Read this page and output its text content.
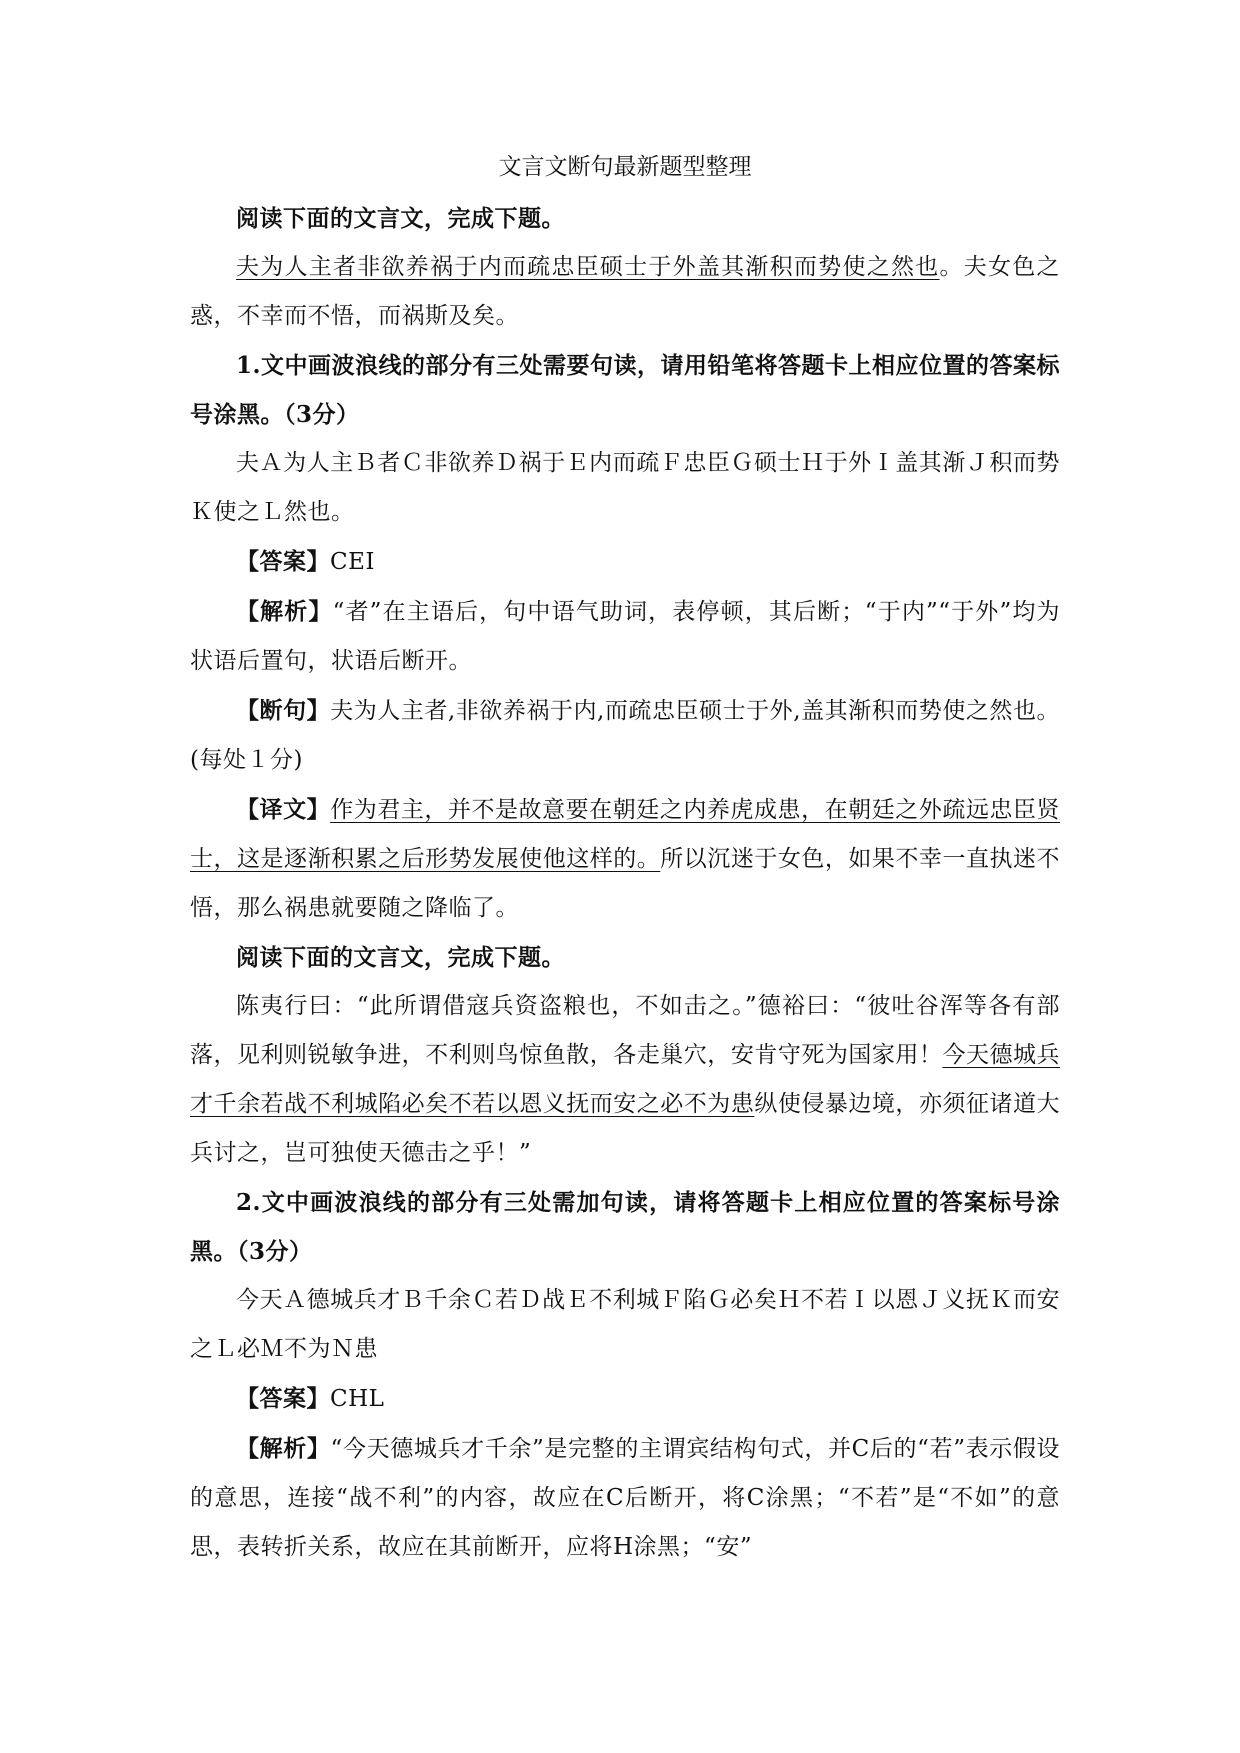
文言文断句最新题型整理

阅读下面的文言文，完成下题。

夫为人主者非欲养祸于内而疏忠臣硕士于外盖其渐积而势使之然也。夫女色之惑，不幸而不悟，而祸斯及矣。

1.文中画波浪线的部分有三处需要句读，请用铅笔将答题卡上相应位置的答案标号涂黑。（3分）

夫Ａ为人主Ｂ者Ｃ非欲养Ｄ祸于Ｅ内而疏Ｆ忠臣Ｇ硕士Ｈ于外Ｉ盖其渐Ｊ积而势Ｋ使之Ｌ然也。

【答案】CEI

【解析】“者”在主语后，句中语气助词，表停顿，其后断；“于内”“于外”均为状语后置句，状语后断开。

【断句】夫为人主者,非欲养祸于内,而疏忠臣硕士于外,盖其渐积而势使之然也。(每处１分)

【译文】作为君主，并不是故意要在朝廷之内养虎成患，在朝廷之外疏远忠臣贤士，这是逐渐积累之后形势发展使他这样的。所以沉迷于女色，如果不幸一直执迷不悟，那么祸患就要随之降临了。

阅读下面的文言文，完成下题。

陈夷行曰：“此所谓借寇兵资盗粮也，不如击之。”德裕曰：“彼吐谷浑等各有部落，见利则锐敏争进，不利则鸟惊鱼散，各走巢穴，安肯守死为国家用！今天德城兵才千余若战不利城陷必矣不若以恩义抚而安之必不为患纵使侵暴边境，亦须征诸道大兵讨之，岂可独使天德击之乎！”

2.文中画波浪线的部分有三处需加句读，请将答题卡上相应位置的答案标号涂黑。（3分）

今天Ａ德城兵才Ｂ千余Ｃ若Ｄ战Ｅ不利城Ｆ陷Ｇ必矣Ｈ不若Ｉ以恩Ｊ义抚Ｋ而安之Ｌ必Ｍ不为Ｎ患

【答案】CHL

【解析】“今天德城兵才千余”是完整的主谓宾结构句式，并C后的“若”表示假设的意思，连接“战不利”的内容，故应在C后断开，将C涂黑；“不若”是“不如”的意思，表转折关系，故应在其前断开，应将H涂黑；“安”
